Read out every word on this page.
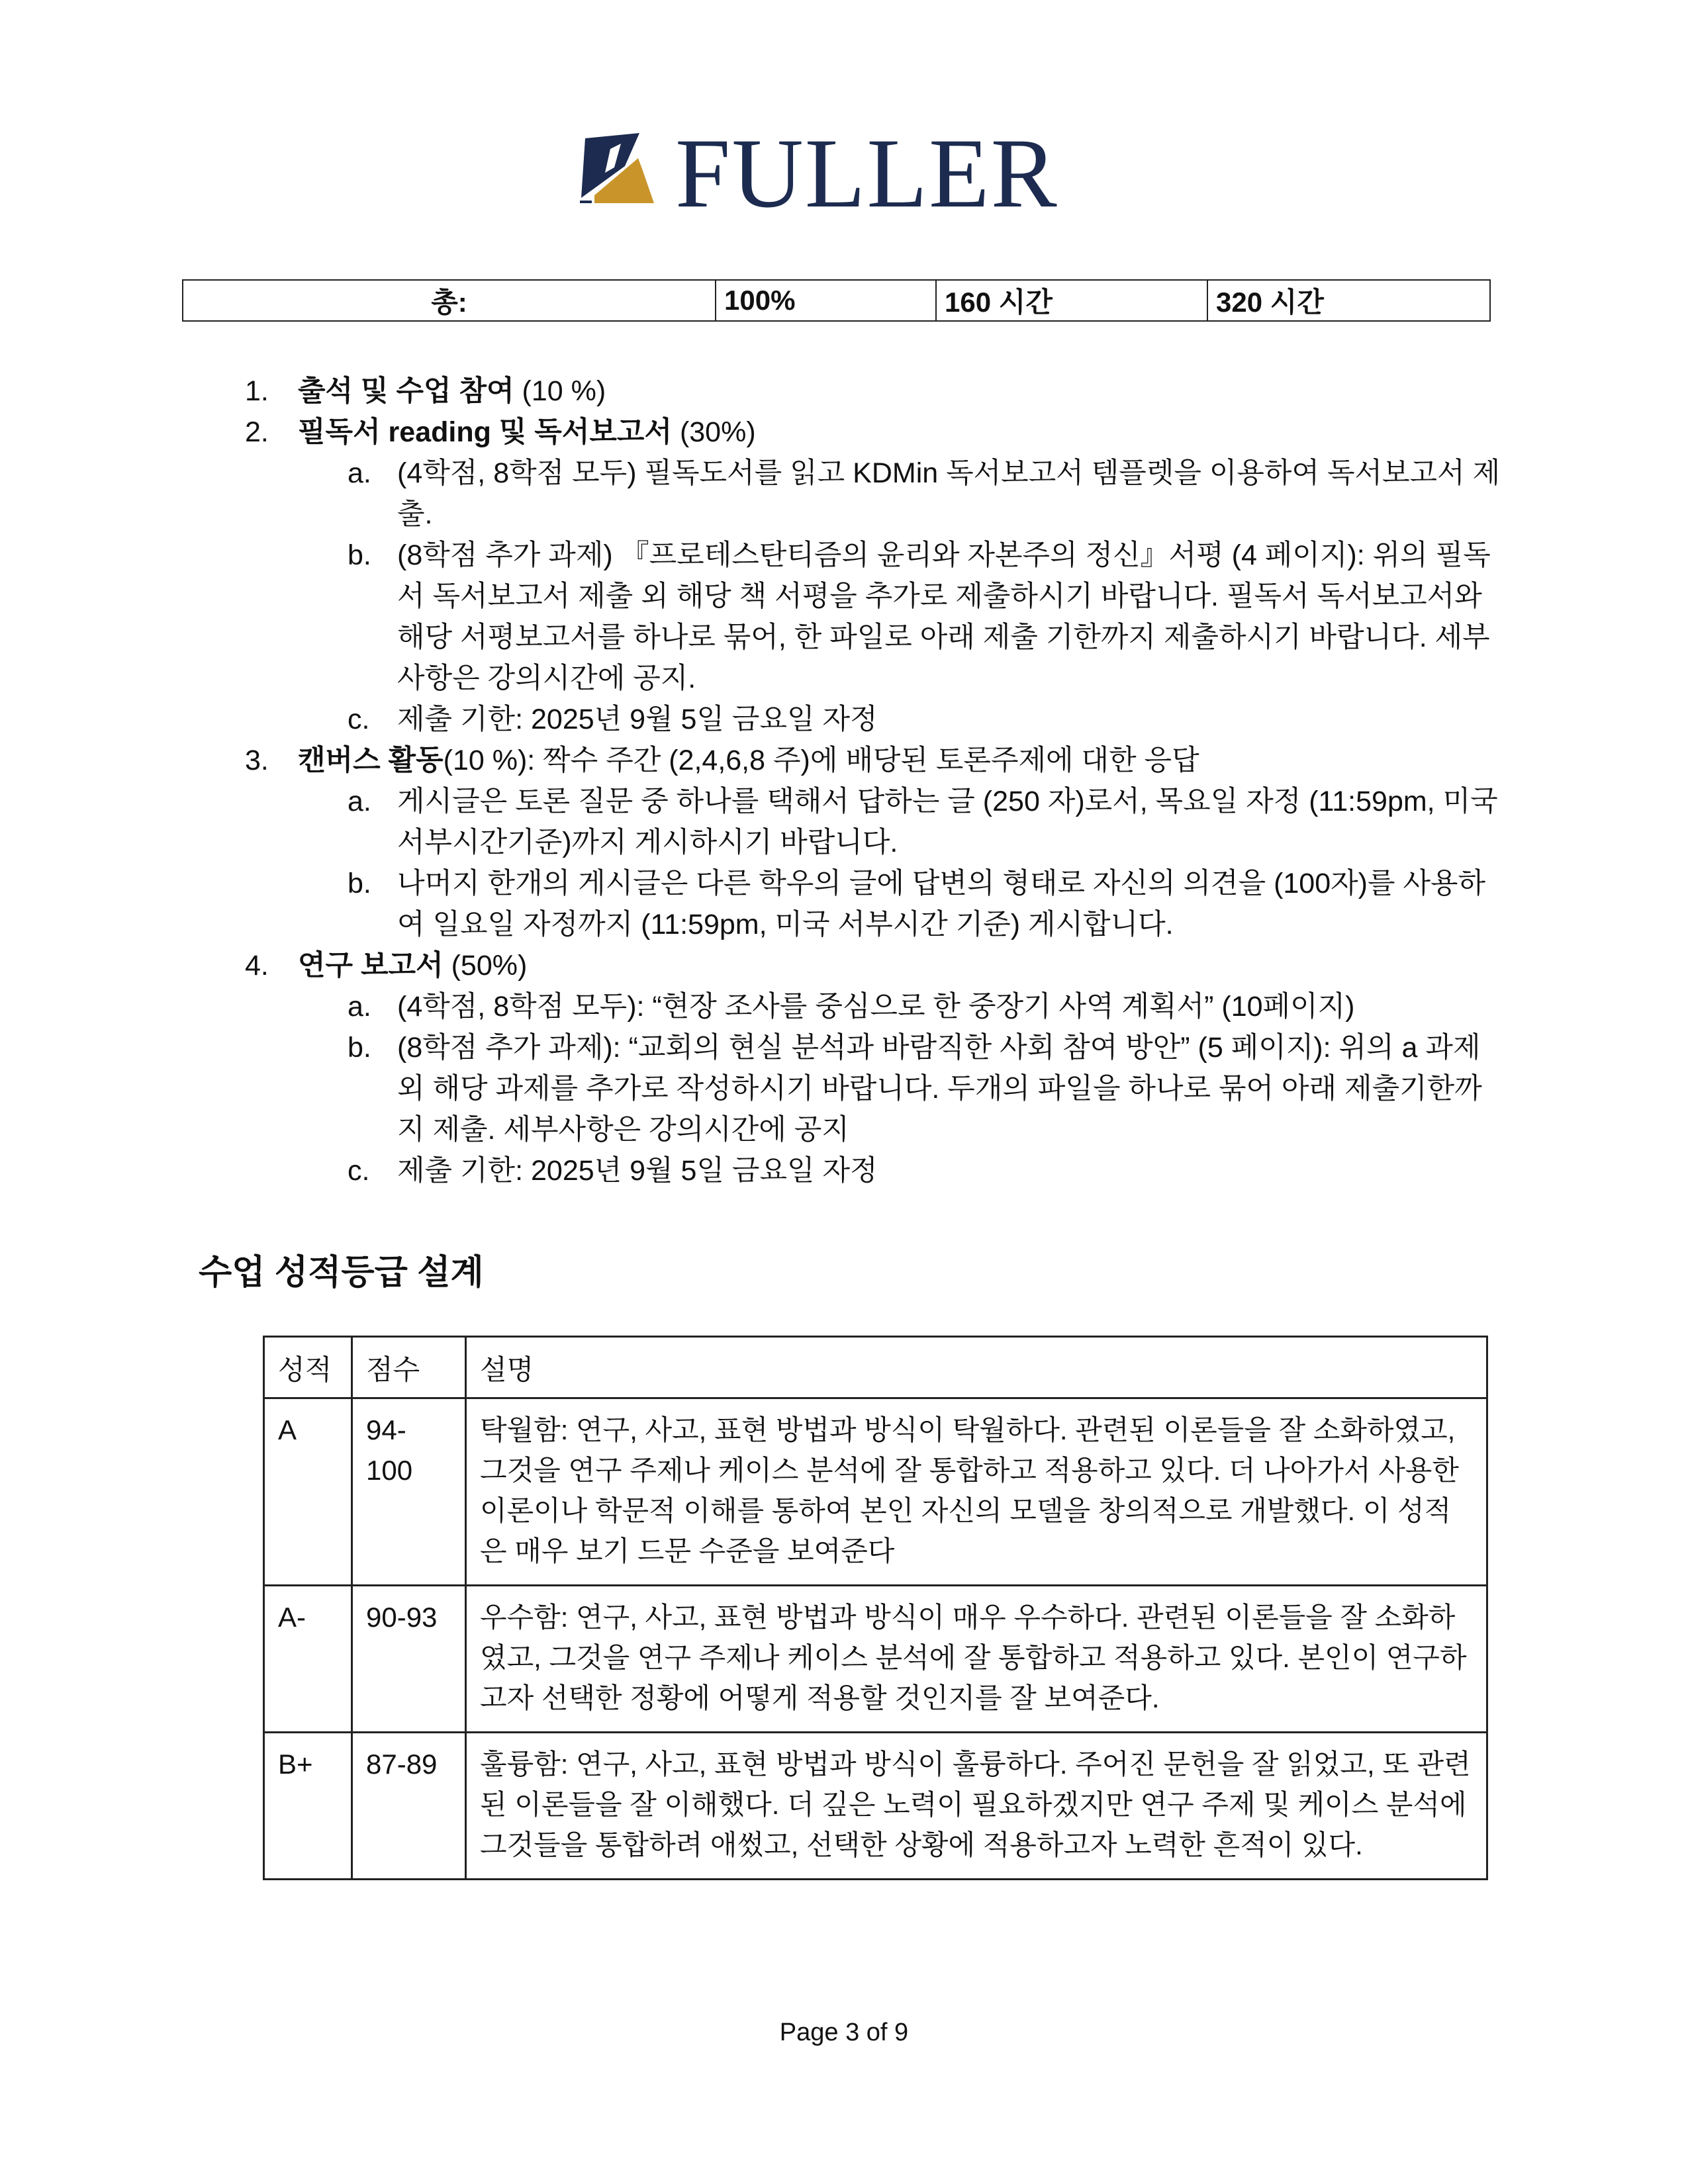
FULLER
총:	100%	160 시간	320 시간
1. 출석 및 수업 참여 (10 %)
2. 필독서 reading 및 독서보고서 (30%)
a. (4학점, 8학점 모두) 필독도서를 읽고 KDMin 독서보고서 템플렛을 이용하여 독서보고서 제출.
b. (8학점 추가 과제) 『프로테스탄티즘의 윤리와 자본주의 정신』서평 (4 페이지): 위의 필독서 독서보고서 제출 외 해당 책 서평을 추가로 제출하시기 바랍니다. 필독서 독서보고서와 해당 서평보고서를 하나로 묶어, 한 파일로 아래 제출 기한까지 제출하시기 바랍니다. 세부사항은 강의시간에 공지.
c. 제출 기한: 2025년 9월 5일 금요일 자정
3. 캔버스 활동(10 %): 짝수 주간 (2,4,6,8 주)에 배당된 토론주제에 대한 응답
a. 게시글은 토론 질문 중 하나를 택해서 답하는 글 (250 자)로서, 목요일 자정 (11:59pm, 미국 서부시간기준)까지 게시하시기 바랍니다.
b. 나머지 한개의 게시글은 다른 학우의 글에 답변의 형태로 자신의 의견을 (100자)를 사용하여 일요일 자정까지 (11:59pm, 미국 서부시간 기준) 게시합니다.
4. 연구 보고서 (50%)
a. (4학점, 8학점 모두): “현장 조사를 중심으로 한 중장기 사역 계획서” (10페이지)
b. (8학점 추가 과제): “교회의 현실 분석과 바람직한 사회 참여 방안” (5 페이지): 위의 a 과제 외 해당 과제를 추가로 작성하시기 바랍니다. 두개의 파일을 하나로 묶어 아래 제출기한까지 제출. 세부사항은 강의시간에 공지
c. 제출 기한: 2025년 9월 5일 금요일 자정
수업 성적등급 설계
성적	점수	설명
A	94-100	탁월함: 연구, 사고, 표현 방법과 방식이 탁월하다. 관련된 이론들을 잘 소화하였고, 그것을 연구 주제나 케이스 분석에 잘 통합하고 적용하고 있다. 더 나아가서 사용한 이론이나 학문적 이해를 통하여 본인 자신의 모델을 창의적으로 개발했다. 이 성적은 매우 보기 드문 수준을 보여준다
A-	90-93	우수함: 연구, 사고, 표현 방법과 방식이 매우 우수하다. 관련된 이론들을 잘 소화하였고, 그것을 연구 주제나 케이스 분석에 잘 통합하고 적용하고 있다. 본인이 연구하고자 선택한 정황에 어떻게 적용할 것인지를 잘 보여준다.
B+	87-89	훌륭함: 연구, 사고, 표현 방법과 방식이 훌륭하다. 주어진 문헌을 잘 읽었고, 또 관련된 이론들을 잘 이해했다. 더 깊은 노력이 필요하겠지만 연구 주제 및 케이스 분석에 그것들을 통합하려 애썼고, 선택한 상황에 적용하고자 노력한 흔적이 있다.
Page 3 of 9
